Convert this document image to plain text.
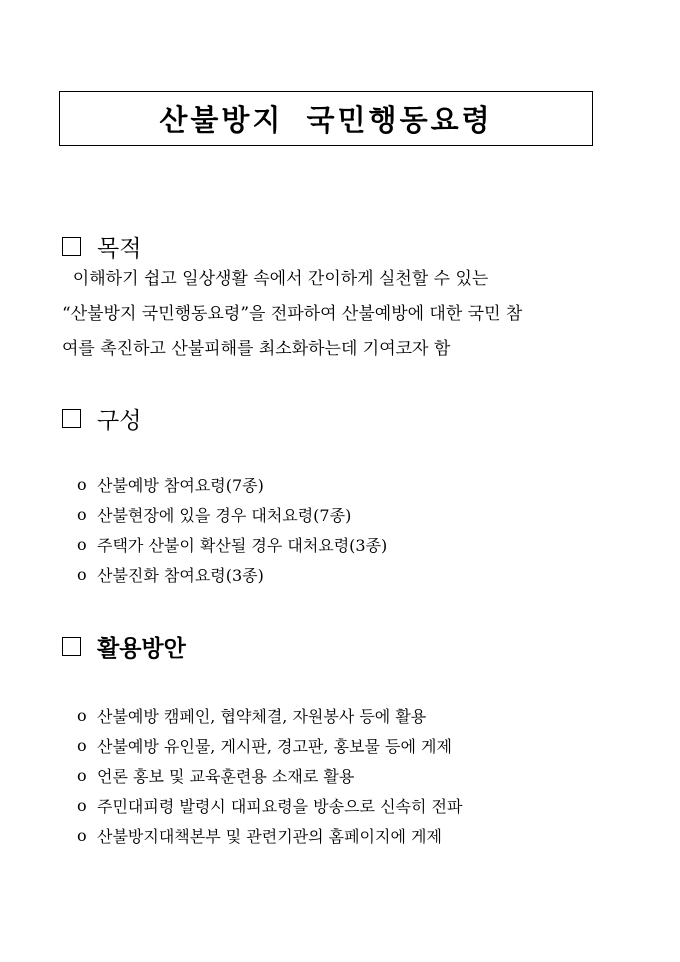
산불방지 국민행동요령
목적
이해하기 쉽고 일상생활 속에서 간이하게 실천할 수 있는
“산불방지 국민행동요령”을 전파하여 산불예방에 대한 국민 참
여를 촉진하고 산불피해를 최소화하는데 기여코자 함
구성
o 산불예방 참여요령(7종)
o 산불현장에 있을 경우 대처요령(7종)
o 주택가 산불이 확산될 경우 대처요령(3종)
o 산불진화 참여요령(3종)
활용방안
o 산불예방 캠페인, 협약체결, 자원봉사 등에 활용
o 산불예방 유인물, 게시판, 경고판, 홍보물 등에 게제
o 언론 홍보 및 교육훈련용 소재로 활용
o 주민대피령 발령시 대피요령을 방송으로 신속히 전파
o 산불방지대책본부 및 관련기관의 홈페이지에 게제
